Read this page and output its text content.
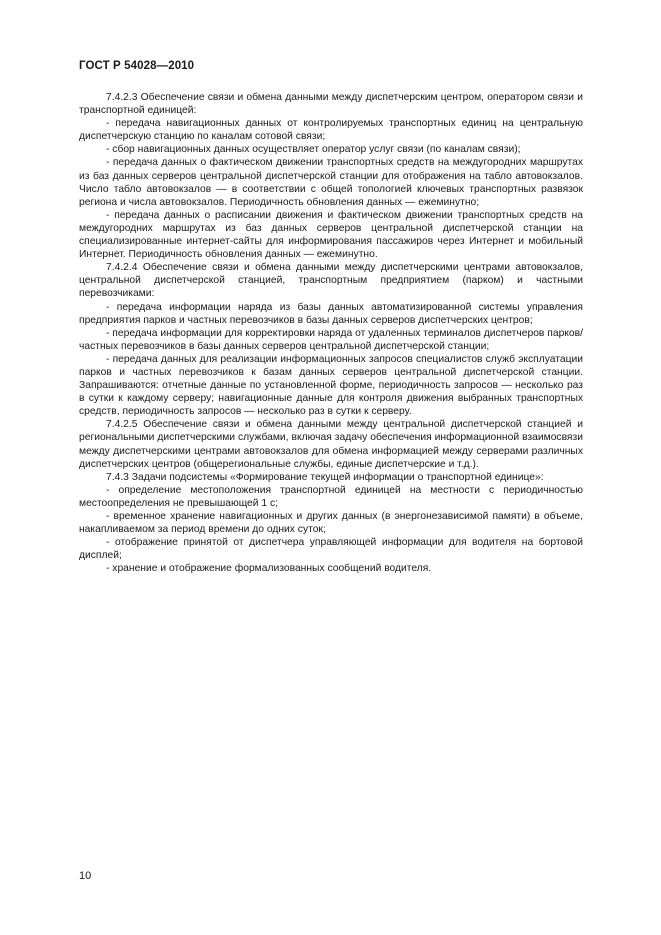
ГОСТ Р 54028—2010

7.4.2.3 Обеспечение связи и обмена данными между диспетчерским центром, оператором связи и транспортной единицей:

- передача навигационных данных от контролируемых транспортных единиц на центральную диспетчерскую станцию по каналам сотовой связи;

- сбор навигационных данных осуществляет оператор услуг связи (по каналам связи);

- передача данных о фактическом движении транспортных средств на междугородних маршрутах из баз данных серверов центральной диспетчерской станции для отображения на табло автовокзалов. Число табло автовокзалов — в соответствии с общей топологией ключевых транспортных развязок региона и числа автовокзалов. Периодичность обновления данных — ежеминутно;

- передача данных о расписании движения и фактическом движении транспортных средств на междугородних маршрутах из баз данных серверов центральной диспетчерской станции на специализированные интернет-сайты для информирования пассажиров через Интернет и мобильный Интернет. Периодичность обновления данных — ежеминутно.

7.4.2.4 Обеспечение связи и обмена данными между диспетчерскими центрами автовокзалов, центральной диспетчерской станцией, транспортным предприятием (парком) и частными перевозчиками:

- передача информации наряда из базы данных автоматизированной системы управления предприятия парков и частных перевозчиков в базы данных серверов диспетчерских центров;

- передача информации для корректировки наряда от удаленных терминалов диспетчеров парков/частных перевозчиков в базы данных серверов центральной диспетчерской станции;

- передача данных для реализации информационных запросов специалистов служб эксплуатации парков и частных перевозчиков к базам данных серверов центральной диспетчерской станции. Запрашиваются: отчетные данные по установленной форме, периодичность запросов — несколько раз в сутки к каждому серверу; навигационные данные для контроля движения выбранных транспортных средств, периодичность запросов — несколько раз в сутки к серверу.

7.4.2.5 Обеспечение связи и обмена данными между центральной диспетчерской станцией и региональными диспетчерскими службами, включая задачу обеспечения информационной взаимосвязи между диспетчерскими центрами автовокзалов для обмена информацией между серверами различных диспетчерских центров (общерегиональные службы, единые диспетчерские и т.д.).

7.4.3 Задачи подсистемы «Формирование текущей информации о транспортной единице»:

- определение местоположения транспортной единицей на местности с периодичностью местоопределения не превышающей 1 с;

- временное хранение навигационных и других данных (в энергонезависимой памяти) в объеме, накапливаемом за период времени до одних суток;

- отображение принятой от диспетчера управляющей информации для водителя на бортовой дисплей;

- хранение и отображение формализованных сообщений водителя.

10
